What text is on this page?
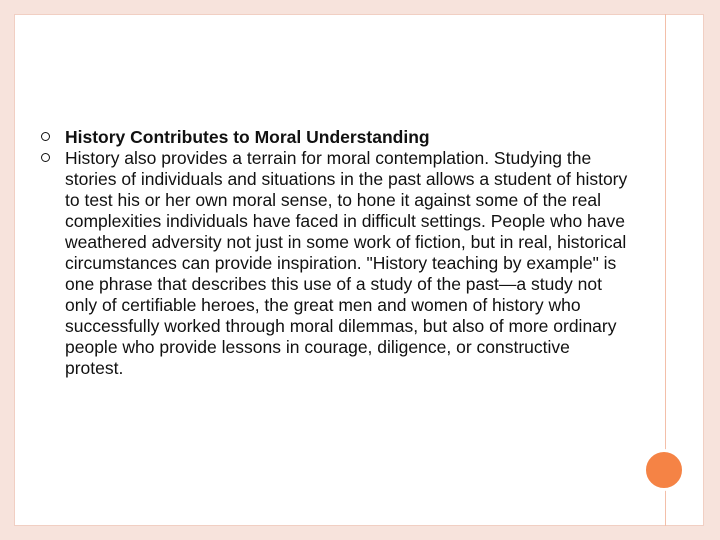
History Contributes to Moral Understanding
History also provides a terrain for moral contemplation. Studying the stories of individuals and situations in the past allows a student of history to test his or her own moral sense, to hone it against some of the real complexities individuals have faced in difficult settings. People who have weathered adversity not just in some work of fiction, but in real, historical circumstances can provide inspiration. "History teaching by example" is one phrase that describes this use of a study of the past—a study not only of certifiable heroes, the great men and women of history who successfully worked through moral dilemmas, but also of more ordinary people who provide lessons in courage, diligence, or constructive protest.
